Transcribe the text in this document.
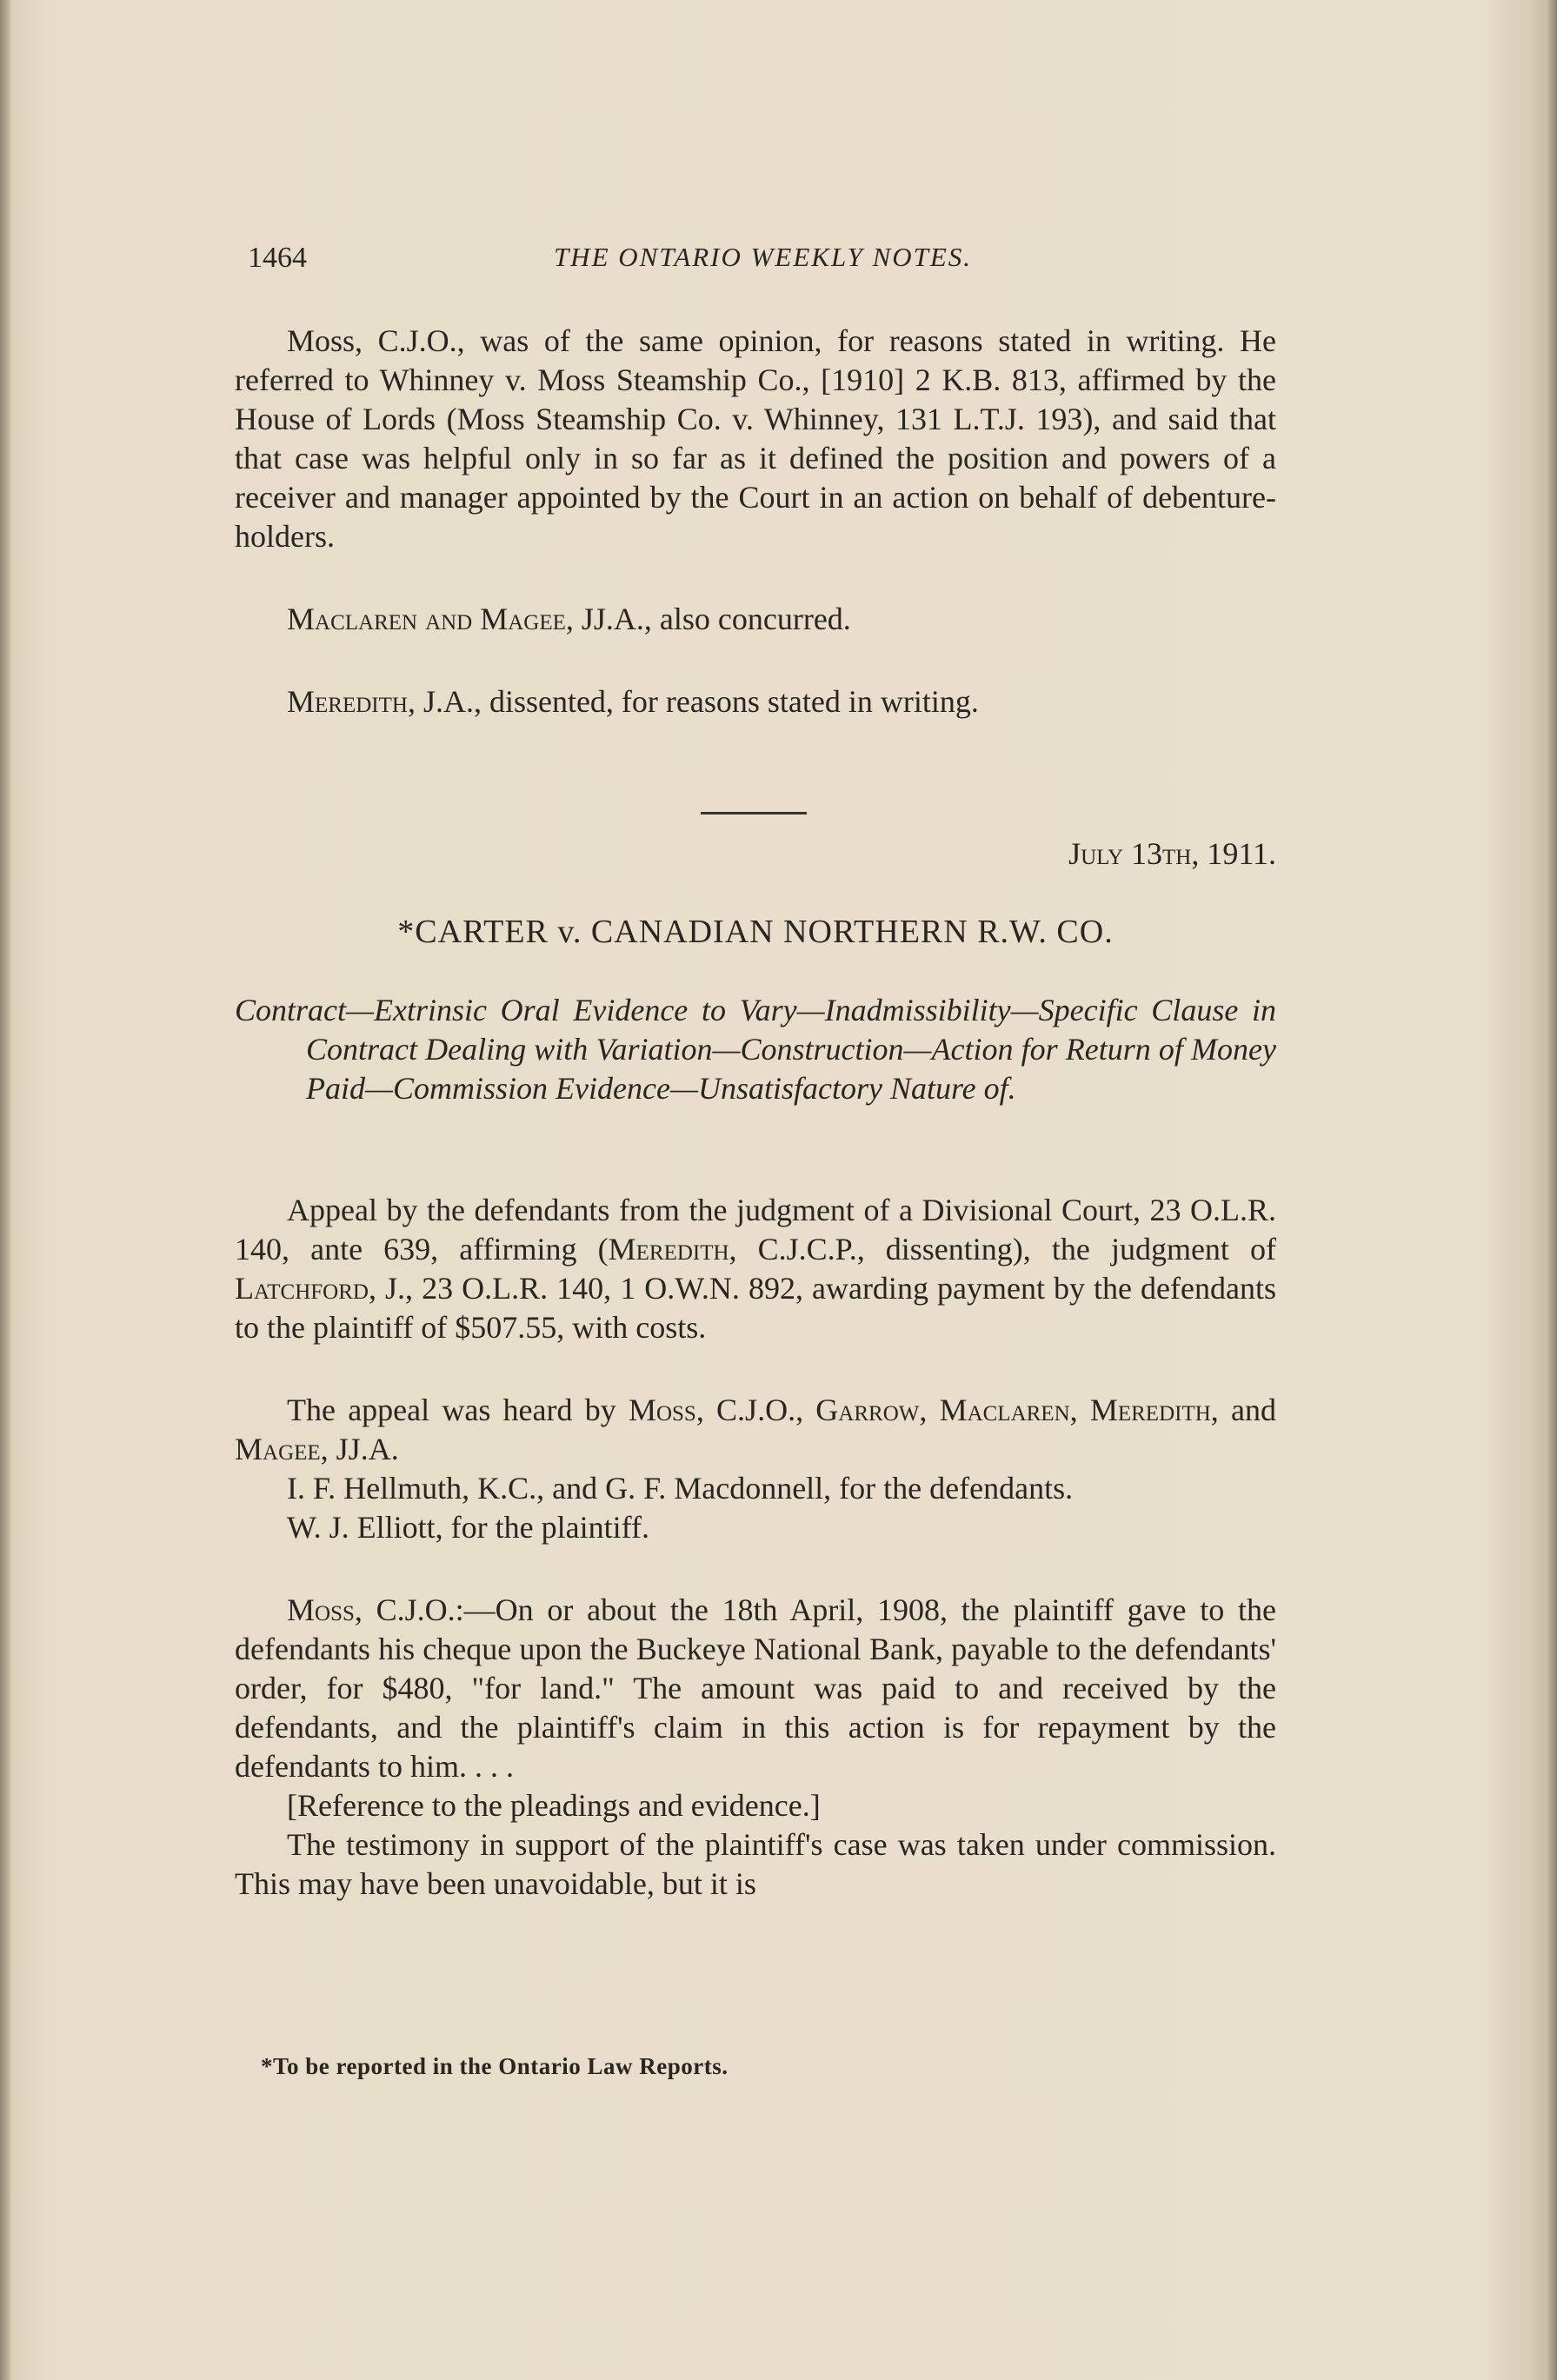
1464	THE ONTARIO WEEKLY NOTES.

Moss, C.J.O., was of the same opinion, for reasons stated in writing. He referred to Whinney v. Moss Steamship Co., [1910] 2 K.B. 813, affirmed by the House of Lords (Moss Steamship Co. v. Whinney, 131 L.T.J. 193), and said that that case was helpful only in so far as it defined the position and powers of a receiver and manager appointed by the Court in an action on behalf of debenture-holders.

Maclaren and Magee, JJ.A., also concurred.

Meredith, J.A., dissented, for reasons stated in writing.

July 13th, 1911.
*CARTER v. CANADIAN NORTHERN R.W. CO.

Contract—Extrinsic Oral Evidence to Vary—Inadmissibility—Specific Clause in Contract Dealing with Variation—Construction—Action for Return of Money Paid—Commission Evidence—Unsatisfactory Nature of.

Appeal by the defendants from the judgment of a Divisional Court, 23 O.L.R. 140, ante 639, affirming (Meredith, C.J.C.P., dissenting), the judgment of Latchford, J., 23 O.L.R. 140, 1 O.W.N. 892, awarding payment by the defendants to the plaintiff of $507.55, with costs.

The appeal was heard by Moss, C.J.O., Garrow, Maclaren, Meredith, and Magee, JJ.A.

I. F. Hellmuth, K.C., and G. F. Macdonnell, for the defendants.

W. J. Elliott, for the plaintiff.

Moss, C.J.O.:—On or about the 18th April, 1908, the plaintiff gave to the defendants his cheque upon the Buckeye National Bank, payable to the defendants' order, for $480, "for land." The amount was paid to and received by the defendants, and the plaintiff's claim in this action is for repayment by the defendants to him. . . .

[Reference to the pleadings and evidence.]

The testimony in support of the plaintiff's case was taken under commission. This may have been unavoidable, but it is

*To be reported in the Ontario Law Reports.
